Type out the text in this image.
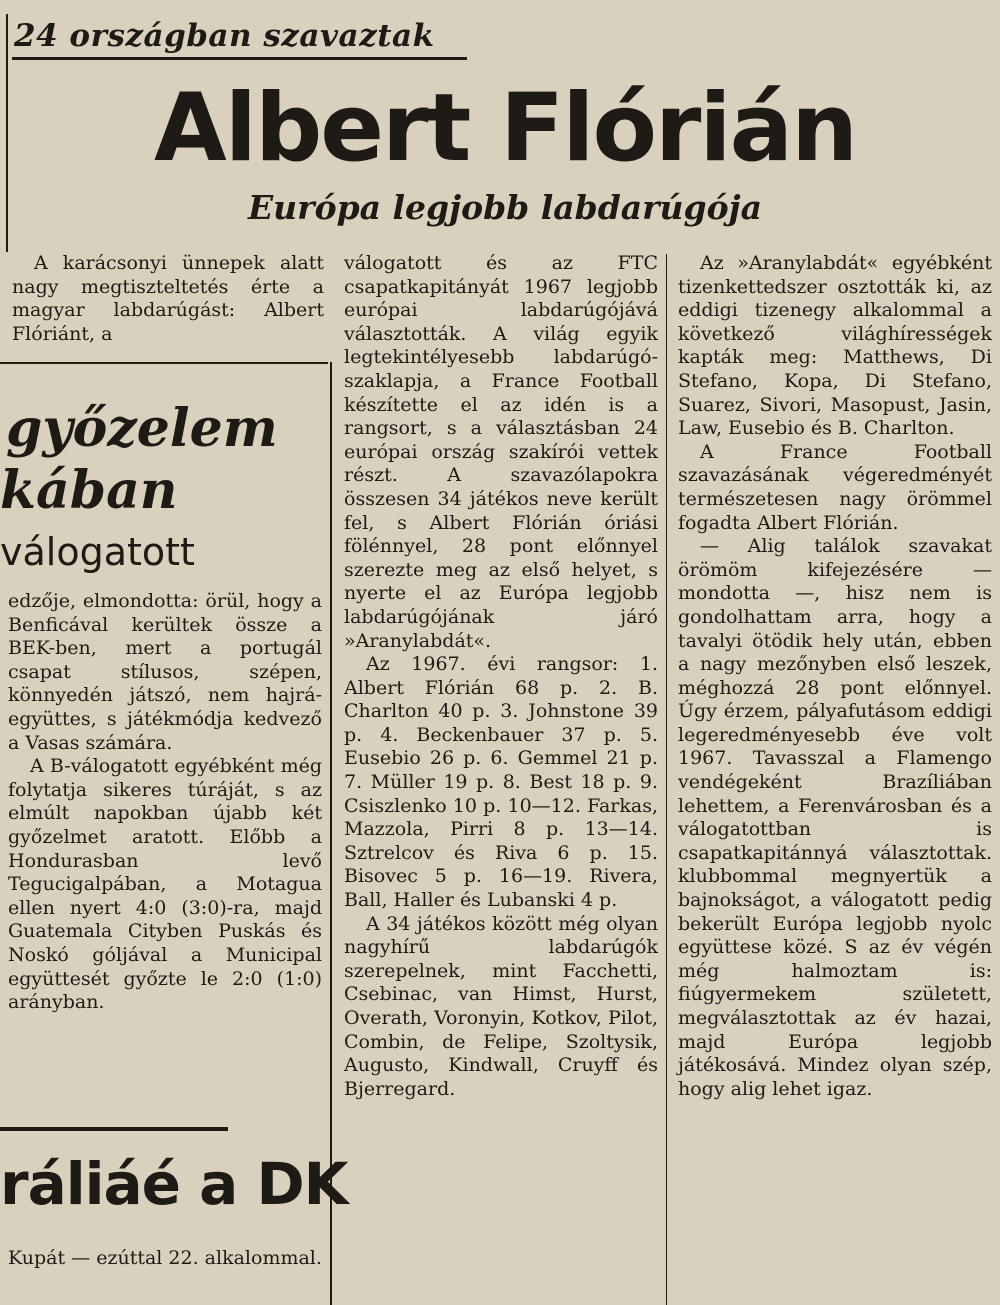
24 országban szavaztak
Albert Flórián
Európa legjobb labdarúgója

A karácsonyi ünnepek alatt nagy megtiszteltetés érte a magyar labdarúgást: Albert Flóriánt, a

győzelem
kában
válogatott

edzője, elmondotta: örül, hogy a Benficával kerültek össze a BEK-ben, mert a portugál csapat stílusos, szépen, könnyedén játszó, nem hajrá-együttes, s játékmódja kedvező a Vasas számára.

A B-válogatott egyébként még folytatja sikeres túráját, s az elmúlt napokban újabb két győzelmet aratott. Előbb a Hondurasban levő Tegucigalpában, a Motagua ellen nyert 4:0 (3:0)-ra, majd Guatemala Cityben Puskás és Noskó góljával a Municipal együttesét győzte le 2:0 (1:0) arányban.

ráliáé a DK

Kupát — ezúttal 22. alkalommal.

válogatott és az FTC csapatkapitányát 1967 legjobb európai labdarúgójává választották. A világ egyik legtekintélyesebb labdarúgó-szaklapja, a France Football készítette el az idén is a rangsort, s a választásban 24 európai ország szakírói vettek részt. A szavazólapokra összesen 34 játékos neve került fel, s Albert Flórián óriási fölénnyel, 28 pont előnnyel szerezte meg az első helyet, s nyerte el az Európa legjobb labdarúgójának járó »Aranylabdát«.

Az 1967. évi rangsor: 1. Albert Flórián 68 p. 2. B. Charlton 40 p. 3. Johnstone 39 p. 4. Beckenbauer 37 p. 5. Eusebio 26 p. 6. Gemmel 21 p. 7. Müller 19 p. 8. Best 18 p. 9. Csiszlenko 10 p. 10—12. Farkas, Mazzola, Pirri 8 p. 13—14. Sztrelcov és Riva 6 p. 15. Bisovec 5 p. 16—19. Rivera, Ball, Haller és Lubanski 4 p.

A 34 játékos között még olyan nagyhírű labdarúgók szerepelnek, mint Facchetti, Csebinac, van Himst, Hurst, Overath, Voronyin, Kotkov, Pilot, Combin, de Felipe, Szoltysik, Augusto, Kindwall, Cruyff és Bjerregard.

Az »Aranylabdát« egyébként tizenkettedszer osztották ki, az eddigi tizenegy alkalommal a következő világhírességek kapták meg: Matthews, Di Stefano, Kopa, Di Stefano, Suarez, Sivori, Masopust, Jasin, Law, Eusebio és B. Charlton.

A France Football szavazásának végeredményét természetesen nagy örömmel fogadta Albert Flórián.

— Alig találok szavakat örömöm kifejezésére — mondotta —, hisz nem is gondolhattam arra, hogy a tavalyi ötödik hely után, ebben a nagy mezőnyben első leszek, méghozzá 28 pont előnnyel. Úgy érzem, pályafutásom eddigi legeredményesebb éve volt 1967. Tavasszal a Flamengo vendégeként Brazíliában lehettem, a Ferenvárosban és a válogatottban is csapatkapitánnyá választottak. klubbommal megnyertük a bajnokságot, a válogatott pedig bekerült Európa legjobb nyolc együttese közé. S az év végén még halmoztam is: fiúgyermekem született, megválasztottak az év hazai, majd Európa legjobb játékosává. Mindez olyan szép, hogy alig lehet igaz.
